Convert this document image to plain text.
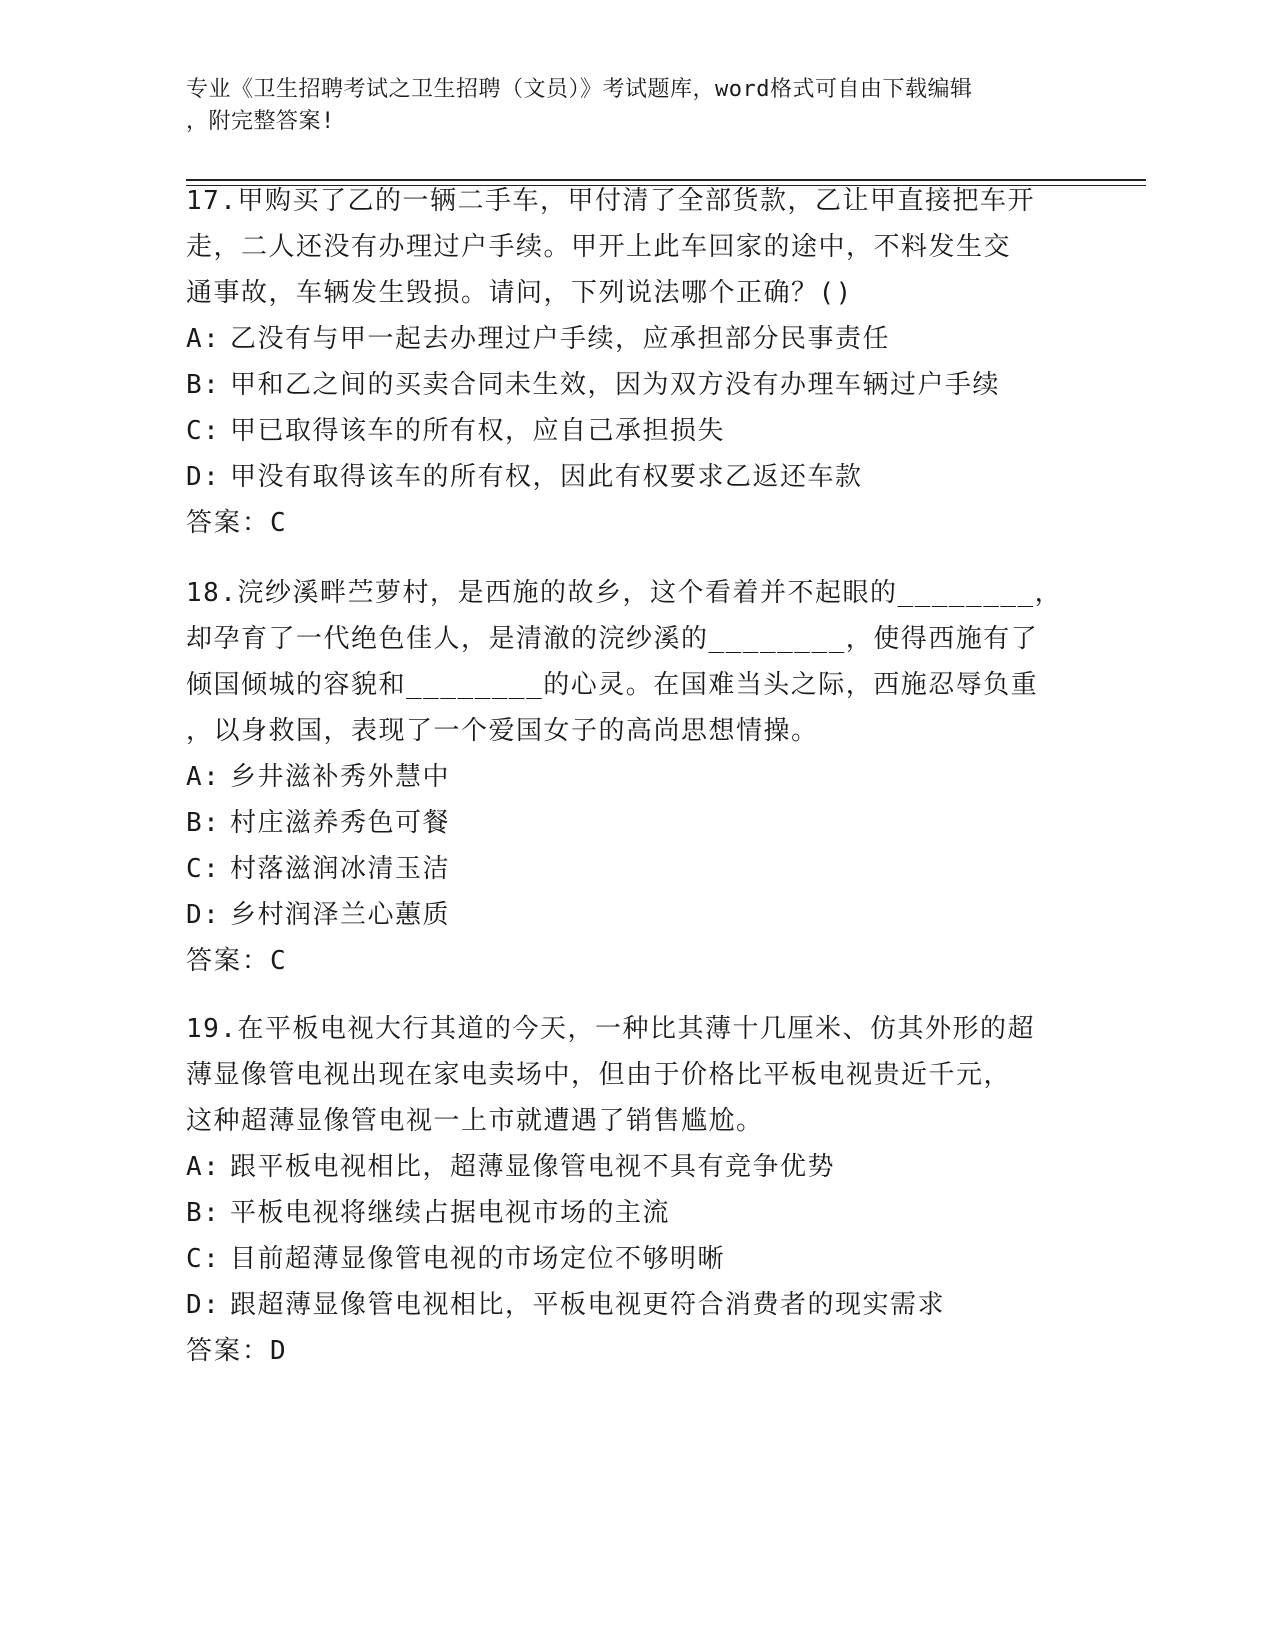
专业《卫生招聘考试之卫生招聘（文员）》考试题库，word格式可自由下载编辑
，附完整答案!

17.甲购买了乙的一辆二手车，甲付清了全部货款，乙让甲直接把车开

走，二人还没有办理过户手续。甲开上此车回家的途中，不料发生交

通事故，车辆发生毁损。请问，下列说法哪个正确？()

A: 乙没有与甲一起去办理过户手续，应承担部分民事责任

B: 甲和乙之间的买卖合同未生效，因为双方没有办理车辆过户手续

C: 甲已取得该车的所有权，应自己承担损失

D: 甲没有取得该车的所有权，因此有权要求乙返还车款

答案：C

18.浣纱溪畔苎萝村，是西施的故乡，这个看着并不起眼的________，

却孕育了一代绝色佳人，是清澈的浣纱溪的________，使得西施有了

倾国倾城的容貌和________的心灵。在国难当头之际，西施忍辱负重

，以身救国，表现了一个爱国女子的高尚思想情操。

A: 乡井滋补秀外慧中

B: 村庄滋养秀色可餐

C: 村落滋润冰清玉洁

D: 乡村润泽兰心蕙质

答案：C

19.在平板电视大行其道的今天，一种比其薄十几厘米、仿其外形的超

薄显像管电视出现在家电卖场中，但由于价格比平板电视贵近千元，

这种超薄显像管电视一上市就遭遇了销售尴尬。

A: 跟平板电视相比，超薄显像管电视不具有竞争优势

B: 平板电视将继续占据电视市场的主流

C: 目前超薄显像管电视的市场定位不够明晰

D: 跟超薄显像管电视相比，平板电视更符合消费者的现实需求

答案：D
